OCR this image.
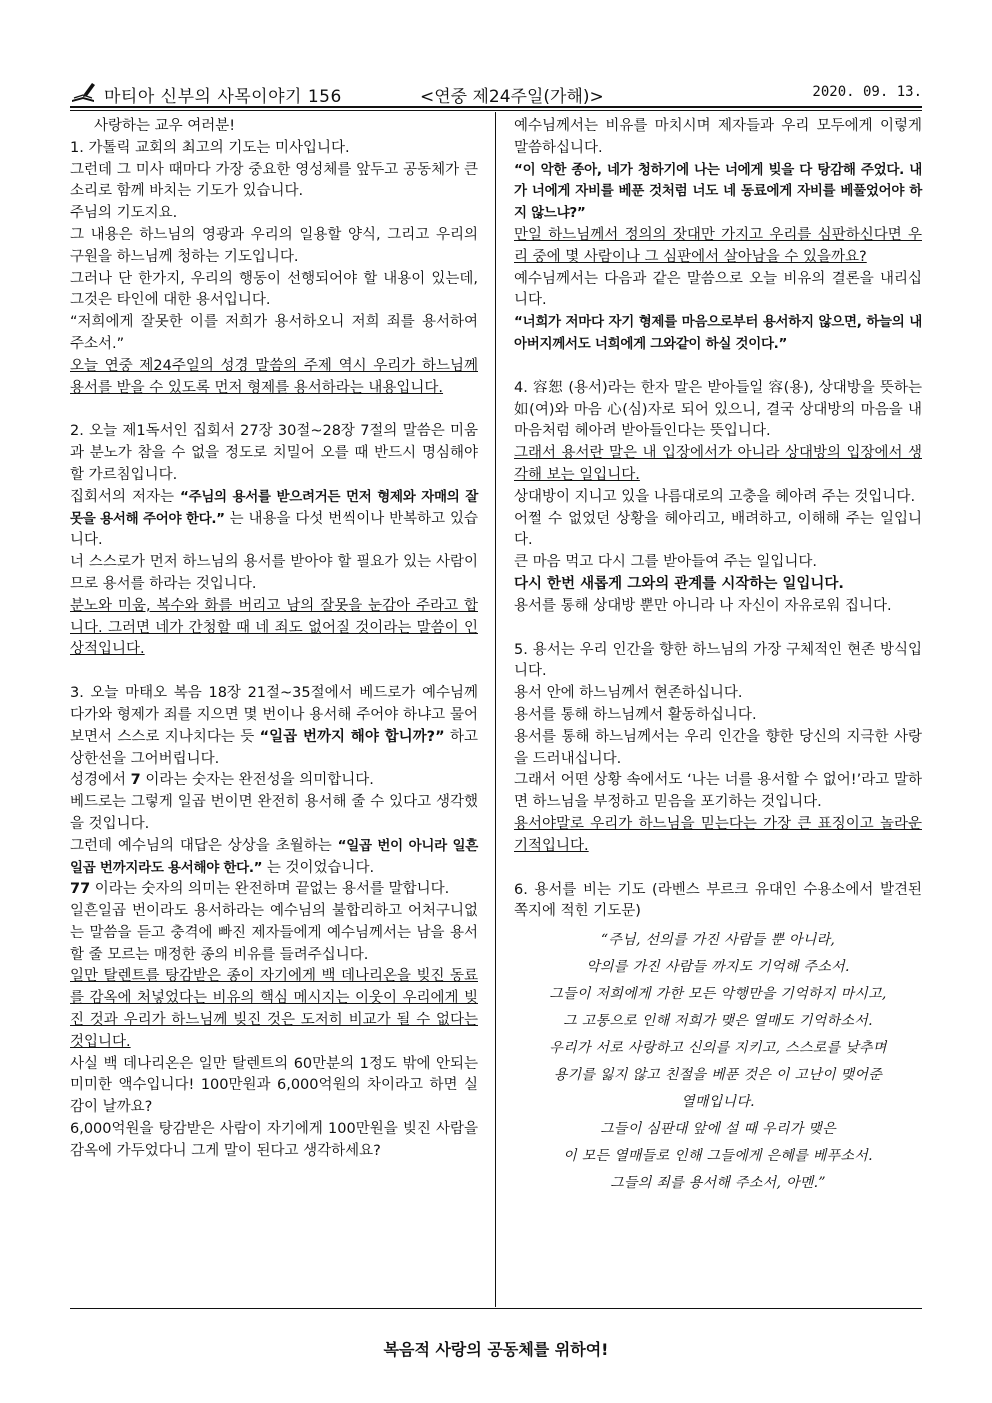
마티아 신부의 사목이야기 156	<연중 제24주일(가해)>	2020. 09. 13.

사랑하는 교우 여러분!

1. 가톨릭 교회의 최고의 기도는 미사입니다.

그런데 그 미사 때마다 가장 중요한 영성체를 앞두고 공동체가 큰소리로 함께 바치는 기도가 있습니다.

주님의 기도지요.

그 내용은 하느님의 영광과 우리의 일용할 양식, 그리고 우리의 구원을 하느님께 청하는 기도입니다.

그러나 단 한가지, 우리의 행동이 선행되어야 할 내용이 있는데, 그것은 타인에 대한 용서입니다.

“저희에게 잘못한 이를 저희가 용서하오니 저희 죄를 용서하여 주소서.”

오늘 연중 제24주일의 성경 말씀의 주제 역시 우리가 하느님께 용서를 받을 수 있도록 먼저 형제를 용서하라는 내용입니다.

2. 오늘 제1독서인 집회서 27장 30절~28장 7절의 말씀은 미움과 분노가 참을 수 없을 정도로 치밀어 오를 때 반드시 명심해야 할 가르침입니다.

집회서의 저자는 “주님의 용서를 받으려거든 먼저 형제와 자매의 잘못을 용서해 주어야 한다.” 는 내용을 다섯 번씩이나 반복하고 있습니다.

너 스스로가 먼저 하느님의 용서를 받아야 할 필요가 있는 사람이므로 용서를 하라는 것입니다.

분노와 미움, 복수와 화를 버리고 남의 잘못을 눈감아 주라고 합니다. 그러면 네가 간청할 때 네 죄도 없어질 것이라는 말씀이 인상적입니다.

3. 오늘 마태오 복음 18장 21절~35절에서 베드로가 예수님께 다가와 형제가 죄를 지으면 몇 번이나 용서해 주어야 하냐고 물어보면서 스스로 지나치다는 듯 “일곱 번까지 해야 합니까?” 하고 상한선을 그어버립니다.

성경에서 7 이라는 숫자는 완전성을 의미합니다.

베드로는 그렇게 일곱 번이면 완전히 용서해 줄 수 있다고 생각했을 것입니다.

그런데 예수님의 대답은 상상을 초월하는 “일곱 번이 아니라 일흔일곱 번까지라도 용서해야 한다.” 는 것이었습니다.

77 이라는 숫자의 의미는 완전하며 끝없는 용서를 말합니다.

일흔일곱 번이라도 용서하라는 예수님의 불합리하고 어처구니없는 말씀을 듣고 충격에 빠진 제자들에게 예수님께서는 남을 용서할 줄 모르는 매정한 종의 비유를 들려주십니다.

일만 탈렌트를 탕감받은 종이 자기에게 백 데나리온을 빚진 동료를 감옥에 처넣었다는 비유의 핵심 메시지는 이웃이 우리에게 빚진 것과 우리가 하느님께 빚진 것은 도저히 비교가 될 수 없다는 것입니다.

사실 백 데나리온은 일만 탈렌트의 60만분의 1정도 밖에 안되는 미미한 액수입니다! 100만원과 6,000억원의 차이라고 하면 실감이 날까요?

6,000억원을 탕감받은 사람이 자기에게 100만원을 빚진 사람을 감옥에 가두었다니 그게 말이 된다고 생각하세요?

예수님께서는 비유를 마치시며 제자들과 우리 모두에게 이렇게 말씀하십니다.

“이 악한 종아, 네가 청하기에 나는 너에게 빚을 다 탕감해 주었다. 내가 너에게 자비를 베푼 것처럼 너도 네 동료에게 자비를 베풀었어야 하지 않느냐?”

만일 하느님께서 정의의 잣대만 가지고 우리를 심판하신다면 우리 중에 몇 사람이나 그 심판에서 살아남을 수 있을까요?

예수님께서는 다음과 같은 말씀으로 오늘 비유의 결론을 내리십니다.

“너희가 저마다 자기 형제를 마음으로부터 용서하지 않으면, 하늘의 내 아버지께서도 너희에게 그와같이 하실 것이다.”

4. 容恕 (용서)라는 한자 말은 받아들일 容(용), 상대방을 뜻하는 如(여)와 마음 心(심)자로 되어 있으니, 결국 상대방의 마음을 내 마음처럼 헤아려 받아들인다는 뜻입니다.

그래서 용서란 말은 내 입장에서가 아니라 상대방의 입장에서 생각해 보는 일입니다.

상대방이 지니고 있을 나름대로의 고충을 헤아려 주는 것입니다.

어쩔 수 없었던 상황을 헤아리고, 배려하고, 이해해 주는 일입니다.

큰 마음 먹고 다시 그를 받아들여 주는 일입니다.

다시 한번 새롭게 그와의 관계를 시작하는 일입니다.

용서를 통해 상대방 뿐만 아니라 나 자신이 자유로워 집니다.

5. 용서는 우리 인간을 향한 하느님의 가장 구체적인 현존 방식입니다.

용서 안에 하느님께서 현존하십니다.

용서를 통해 하느님께서 활동하십니다.

용서를 통해 하느님께서는 우리 인간을 향한 당신의 지극한 사랑을 드러내십니다.

그래서 어떤 상황 속에서도 ‘나는 너를 용서할 수 없어!’라고 말하면 하느님을 부정하고 믿음을 포기하는 것입니다.

용서야말로 우리가 하느님을 믿는다는 가장 큰 표징이고 놀라운 기적입니다.

6. 용서를 비는 기도 (라벤스 부르크 유대인 수용소에서 발견된 쪽지에 적힌 기도문)

“주님, 선의를 가진 사람들 뿐 아니라,
악의를 가진 사람들 까지도 기억해 주소서.
그들이 저희에게 가한 모든 악행만을 기억하지 마시고,
그 고통으로 인해 저희가 맺은 열매도 기억하소서.
우리가 서로 사랑하고 신의를 지키고, 스스로를 낮추며
용기를 잃지 않고 친절을 베푼 것은 이 고난이 맺어준
열매입니다.
그들이 심판대 앞에 설 때 우리가 맺은
이 모든 열매들로 인해 그들에게 은혜를 베푸소서.
그들의 죄를 용서해 주소서, 아멘.”
복음적 사랑의 공동체를 위하여!
